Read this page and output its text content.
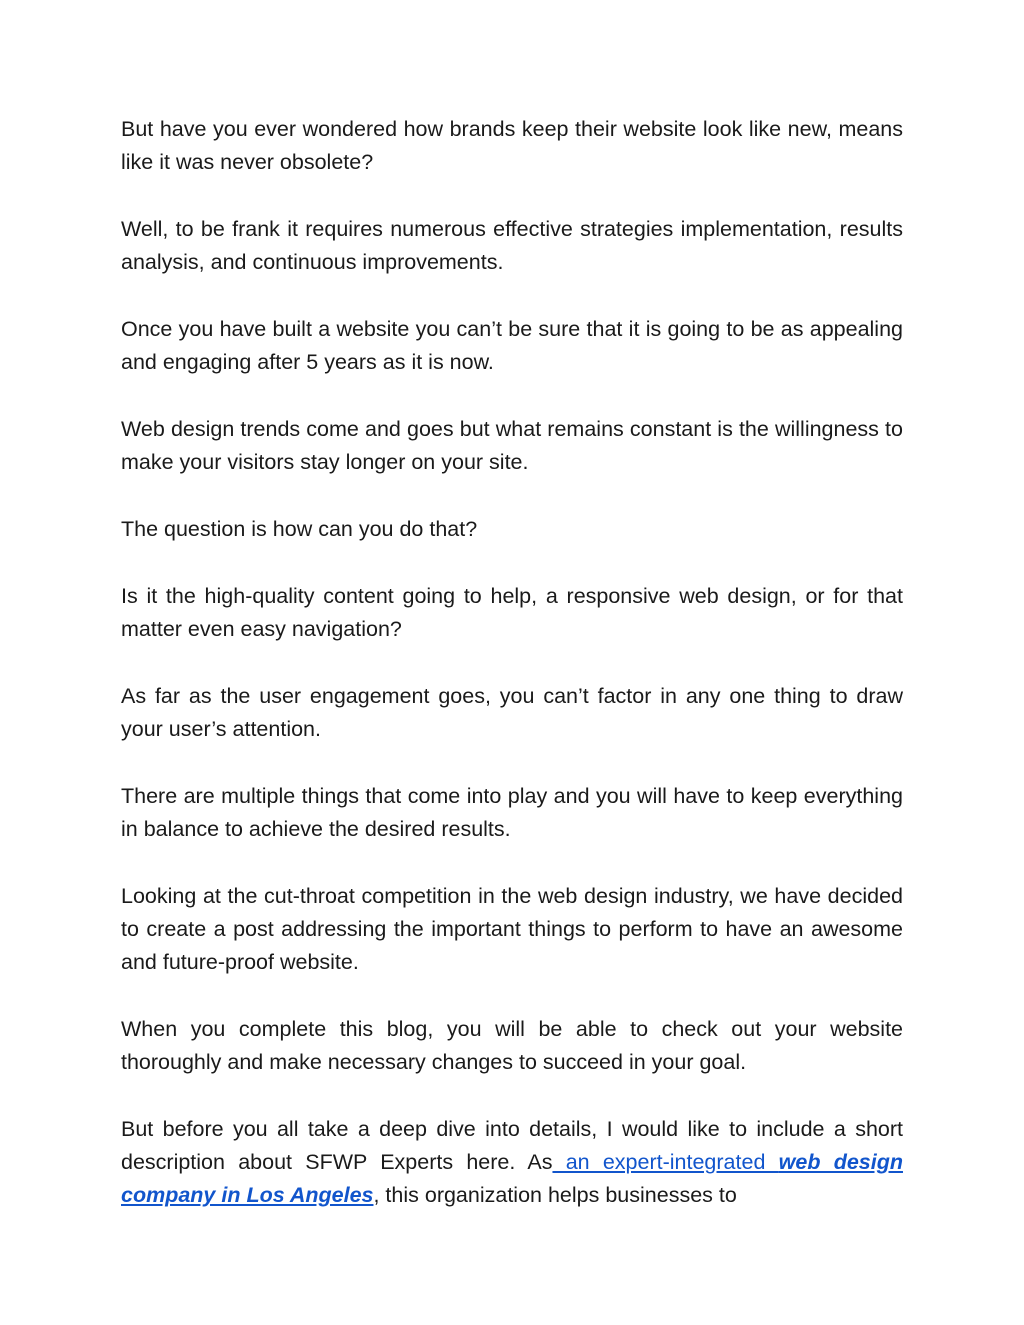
But have you ever wondered how brands keep their website look like new, means like it was never obsolete?

Well, to be frank it requires numerous effective strategies implementation, results analysis, and continuous improvements.

Once you have built a website you can’t be sure that it is going to be as appealing and engaging after 5 years as it is now.

Web design trends come and goes but what remains constant is the willingness to make your visitors stay longer on your site.

The question is how can you do that?

Is it the high-quality content going to help, a responsive web design, or for that matter even easy navigation?

As far as the user engagement goes, you can’t factor in any one thing to draw your user’s attention.

There are multiple things that come into play and you will have to keep everything in balance to achieve the desired results.

Looking at the cut-throat competition in the web design industry, we have decided to create a post addressing the important things to perform to have an awesome and future-proof website.

When you complete this blog, you will be able to check out your website thoroughly and make necessary changes to succeed in your goal.

But before you all take a deep dive into details, I would like to include a short description about SFWP Experts here. As an expert-integrated web design company in Los Angeles, this organization helps businesses to
